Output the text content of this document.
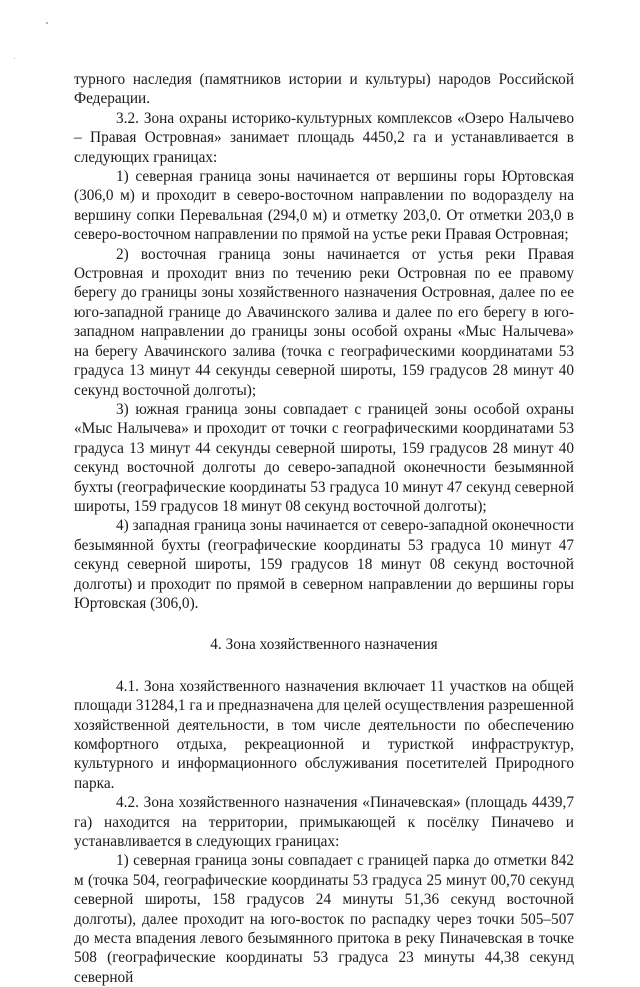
турного наследия (памятников истории и культуры) народов Российской Федерации.

3.2. Зона охраны историко-культурных комплексов «Озеро Налычево – Правая Островная» занимает площадь 4450,2 га и устанавливается в следующих границах:

1) северная граница зоны начинается от вершины горы Юртовская (306,0 м) и проходит в северо-восточном направлении по водоразделу на вершину сопки Перевальная (294,0 м) и отметку 203,0. От отметки 203,0 в северо-восточном направлении по прямой на устье реки Правая Островная;

2) восточная граница зоны начинается от устья реки Правая Островная и проходит вниз по течению реки Островная по ее правому берегу до границы зоны хозяйственного назначения Островная, далее по ее юго-западной границе до Авачинского залива и далее по его берегу в юго-западном направлении до границы зоны особой охраны «Мыс Налычева» на берегу Авачинского залива (точка с географическими координатами 53 градуса 13 минут 44 секунды северной широты, 159 градусов 28 минут 40 секунд восточной долготы);

3) южная граница зоны совпадает с границей зоны особой охраны «Мыс Налычева» и проходит от точки с географическими координатами 53 градуса 13 минут 44 секунды северной широты, 159 градусов 28 минут 40 секунд восточной долготы до северо-западной оконечности безымянной бухты (географические координаты 53 градуса 10 минут 47 секунд северной широты, 159 градусов 18 минут 08 секунд восточной долготы);

4) западная граница зоны начинается от северо-западной оконечности безымянной бухты (географические координаты 53 градуса 10 минут 47 секунд северной широты, 159 градусов 18 минут 08 секунд восточной долготы) и проходит по прямой в северном направлении до вершины горы Юртовская (306,0).

4. Зона хозяйственного назначения

4.1. Зона хозяйственного назначения включает 11 участков на общей площади 31284,1 га и предназначена для целей осуществления разрешенной хозяйственной деятельности, в том числе деятельности по обеспечению комфортного отдыха, рекреационной и туристкой инфраструктур, культурного и информационного обслуживания посетителей Природного парка.

4.2. Зона хозяйственного назначения «Пиначевская» (площадь 4439,7 га) находится на территории, примыкающей к посёлку Пиначево и устанавливается в следующих границах:

1) северная граница зоны совпадает с границей парка до отметки 842 м (точка 504, географические координаты 53 градуса 25 минут 00,70 секунд северной широты, 158 градусов 24 минуты 51,36 секунд восточной долготы), далее проходит на юго-восток по распадку через точки 505–507 до места впадения левого безымянного притока в реку Пиначевская в точке 508 (географические координаты 53 градуса 23 минуты 44,38 секунд северной
